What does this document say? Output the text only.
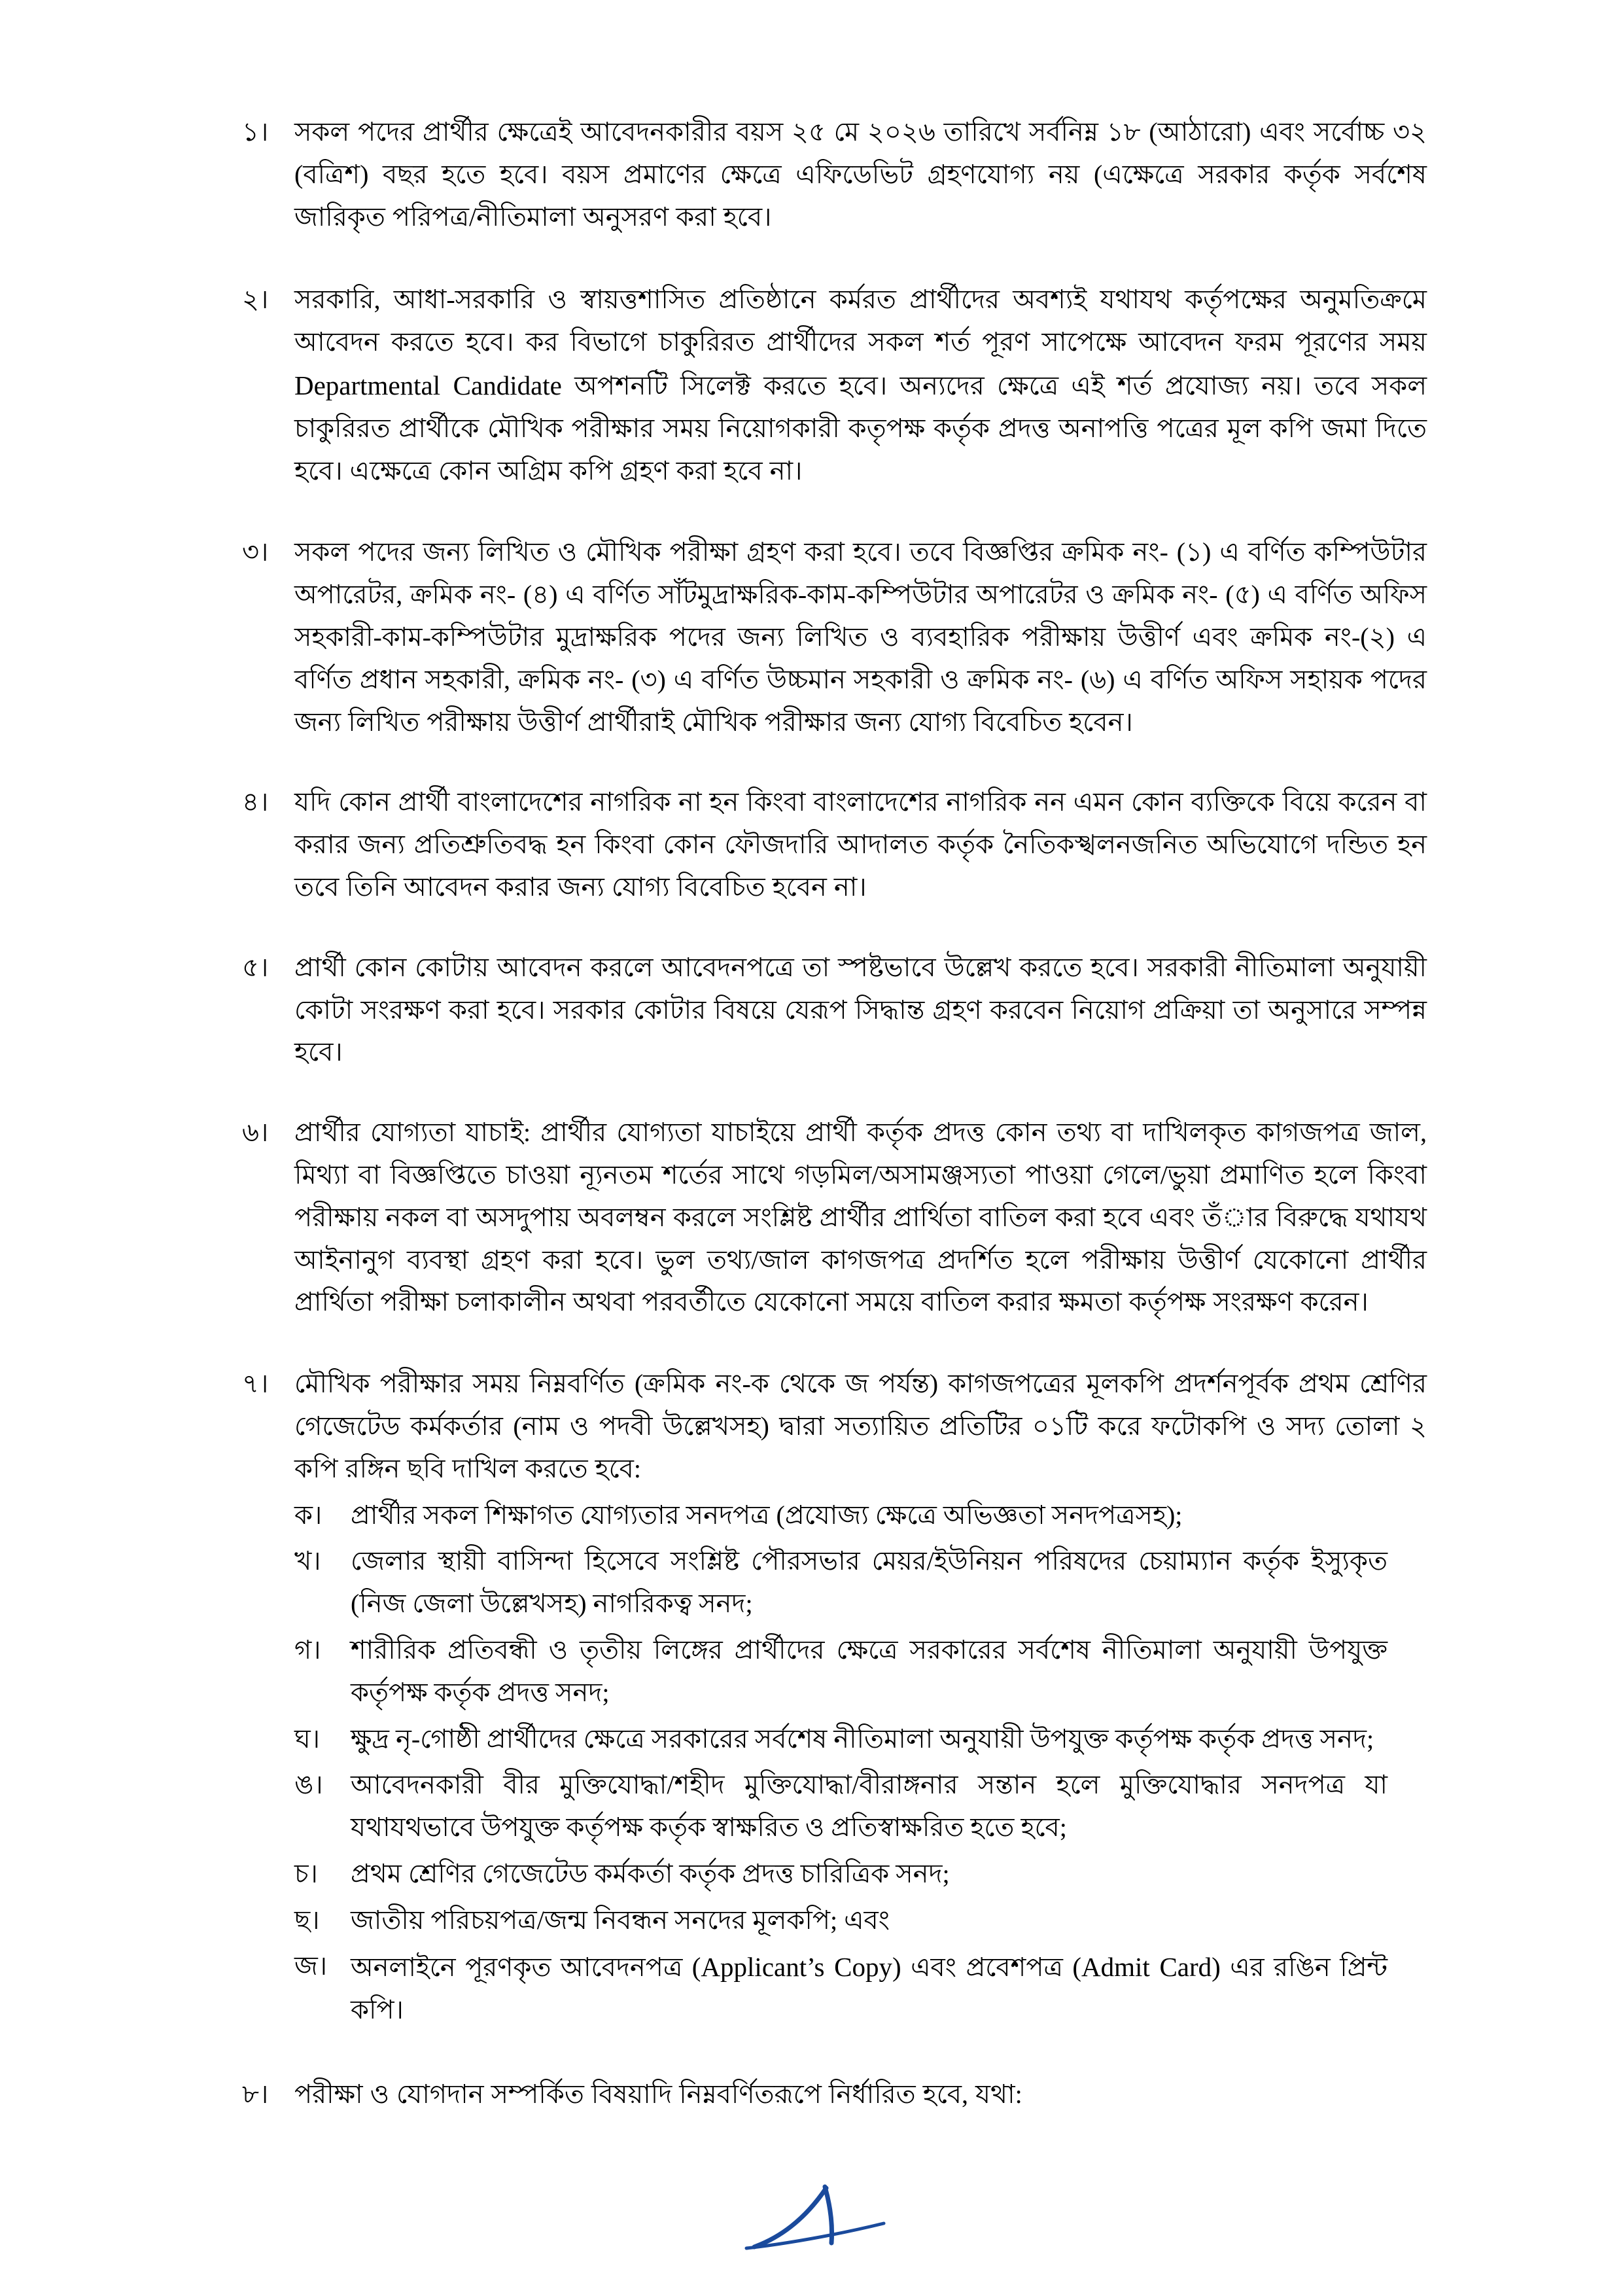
১। সকল পদের প্রার্থীর ক্ষেত্রেই আবেদনকারীর বয়স ২৫ মে ২০২৬ তারিখে সর্বনিম্ন ১৮ (আঠারো) এবং সর্বোচ্চ ৩২ (বত্রিশ) বছর হতে হবে। বয়স প্রমাণের ক্ষেত্রে এফিডেভিট গ্রহণযোগ্য নয় (এক্ষেত্রে সরকার কর্তৃক সর্বশেষ জারিকৃত পরিপত্র/নীতিমালা অনুসরণ করা হবে।

২। সরকারি, আধা-সরকারি ও স্বায়ত্তশাসিত প্রতিষ্ঠানে কর্মরত প্রার্থীদের অবশ্যই যথাযথ কর্তৃপক্ষের অনুমতিক্রমে আবেদন করতে হবে। কর বিভাগে চাকুরিরত প্রার্থীদের সকল শর্ত পূরণ সাপেক্ষে আবেদন ফরম পূরণের সময় Departmental Candidate অপশনটি সিলেক্ট করতে হবে। অন্যদের ক্ষেত্রে এই শর্ত প্রযোজ্য নয়। তবে সকল চাকুরিরত প্রার্থীকে মৌখিক পরীক্ষার সময় নিয়োগকারী কতৃপক্ষ কর্তৃক প্রদত্ত অনাপত্তি পত্রের মূল কপি জমা দিতে হবে। এক্ষেত্রে কোন অগ্রিম কপি গ্রহণ করা হবে না।

৩। সকল পদের জন্য লিখিত ও মৌখিক পরীক্ষা গ্রহণ করা হবে। তবে বিজ্ঞপ্তির ক্রমিক নং- (১) এ বর্ণিত কম্পিউটার অপারেটর, ক্রমিক নং- (৪) এ বর্ণিত সাঁটমুদ্রাক্ষরিক-কাম-কম্পিউটার অপারেটর ও ক্রমিক নং- (৫) এ বর্ণিত অফিস সহকারী-কাম-কম্পিউটার মুদ্রাক্ষরিক পদের জন্য লিখিত ও ব্যবহারিক পরীক্ষায় উত্তীর্ণ এবং ক্রমিক নং-(২) এ বর্ণিত প্রধান সহকারী, ক্রমিক নং- (৩) এ বর্ণিত উচ্চমান সহকারী ও ক্রমিক নং- (৬) এ বর্ণিত অফিস সহায়ক পদের জন্য লিখিত পরীক্ষায় উত্তীর্ণ প্রার্থীরাই মৌখিক পরীক্ষার জন্য যোগ্য বিবেচিত হবেন।

৪। যদি কোন প্রার্থী বাংলাদেশের নাগরিক না হন কিংবা বাংলাদেশের নাগরিক নন এমন কোন ব্যক্তিকে বিয়ে করেন বা করার জন্য প্রতিশ্রুতিবদ্ধ হন কিংবা কোন ফৌজদারি আদালত কর্তৃক নৈতিকস্খলনজনিত অভিযোগে দন্ডিত হন তবে তিনি আবেদন করার জন্য যোগ্য বিবেচিত হবেন না।

৫। প্রার্থী কোন কোটায় আবেদন করলে আবেদনপত্রে তা স্পষ্টভাবে উল্লেখ করতে হবে। সরকারী নীতিমালা অনুযায়ী কোটা সংরক্ষণ করা হবে। সরকার কোটার বিষয়ে যেরূপ সিদ্ধান্ত গ্রহণ করবেন নিয়োগ প্রক্রিয়া তা অনুসারে সম্পন্ন হবে।

৬। প্রার্থীর যোগ্যতা যাচাই: প্রার্থীর যোগ্যতা যাচাইয়ে প্রার্থী কর্তৃক প্রদত্ত কোন তথ্য বা দাখিলকৃত কাগজপত্র জাল, মিথ্যা বা বিজ্ঞপ্তিতে চাওয়া ন্যূনতম শর্তের সাথে গড়মিল/অসামঞ্জস্যতা পাওয়া গেলে/ভুয়া প্রমাণিত হলে কিংবা পরীক্ষায় নকল বা অসদুপায় অবলম্বন করলে সংশ্লিষ্ট প্রার্থীর প্রার্থিতা বাতিল করা হবে এবং তঁার বিরুদ্ধে যথাযথ আইনানুগ ব্যবস্থা গ্রহণ করা হবে। ভুল তথ্য/জাল কাগজপত্র প্রদর্শিত হলে পরীক্ষায় উত্তীর্ণ যেকোনো প্রার্থীর প্রার্থিতা পরীক্ষা চলাকালীন অথবা পরবর্তীতে যেকোনো সময়ে বাতিল করার ক্ষমতা কর্তৃপক্ষ সংরক্ষণ করেন।

৭। মৌখিক পরীক্ষার সময় নিম্নবর্ণিত (ক্রমিক নং-ক থেকে জ পর্যন্ত) কাগজপত্রের মূলকপি প্রদর্শনপূর্বক প্রথম শ্রেণির গেজেটেড কর্মকর্তার (নাম ও পদবী উল্লেখসহ) দ্বারা সত্যায়িত প্রতিটির ০১টি করে ফটোকপি ও সদ্য তোলা ২ কপি রঙ্গিন ছবি দাখিল করতে হবে:

ক।	প্রার্থীর সকল শিক্ষাগত যোগ্যতার সনদপত্র (প্রযোজ্য ক্ষেত্রে অভিজ্ঞতা সনদপত্রসহ);
খ।	জেলার স্থায়ী বাসিন্দা হিসেবে সংশ্লিষ্ট পৌরসভার মেয়র/ইউনিয়ন পরিষদের চেয়াম্যান কর্তৃক ইস্যুকৃত (নিজ জেলা উল্লেখসহ) নাগরিকত্ব সনদ;
গ।	শারীরিক প্রতিবন্ধী ও তৃতীয় লিঙ্গের প্রার্থীদের ক্ষেত্রে সরকারের সর্বশেষ নীতিমালা অনুযায়ী উপযুক্ত কর্তৃপক্ষ কর্তৃক প্রদত্ত সনদ;
ঘ।	ক্ষুদ্র নৃ-গোষ্ঠী প্রার্থীদের ক্ষেত্রে সরকারের সর্বশেষ নীতিমালা অনুযায়ী উপযুক্ত কর্তৃপক্ষ কর্তৃক প্রদত্ত সনদ;
ঙ।	আবেদনকারী বীর মুক্তিযোদ্ধা/শহীদ মুক্তিযোদ্ধা/বীরাঙ্গনার সন্তান হলে মুক্তিযোদ্ধার সনদপত্র যা যথাযথভাবে উপযুক্ত কর্তৃপক্ষ কর্তৃক স্বাক্ষরিত ও প্রতিস্বাক্ষরিত হতে হবে;
চ।	প্রথম শ্রেণির গেজেটেড কর্মকর্তা কর্তৃক প্রদত্ত চারিত্রিক সনদ;
ছ।	জাতীয় পরিচয়পত্র/জন্ম নিবন্ধন সনদের মূলকপি; এবং
জ। অনলাইনে পূরণকৃত আবেদনপত্র (Applicant’s Copy) এবং প্রবেশপত্র (Admit Card) এর রঙিন প্রিন্ট কপি।
৮। পরীক্ষা ও যোগদান সম্পর্কিত বিষয়াদি নিম্নবর্ণিতরূপে নির্ধারিত হবে, যথা:
